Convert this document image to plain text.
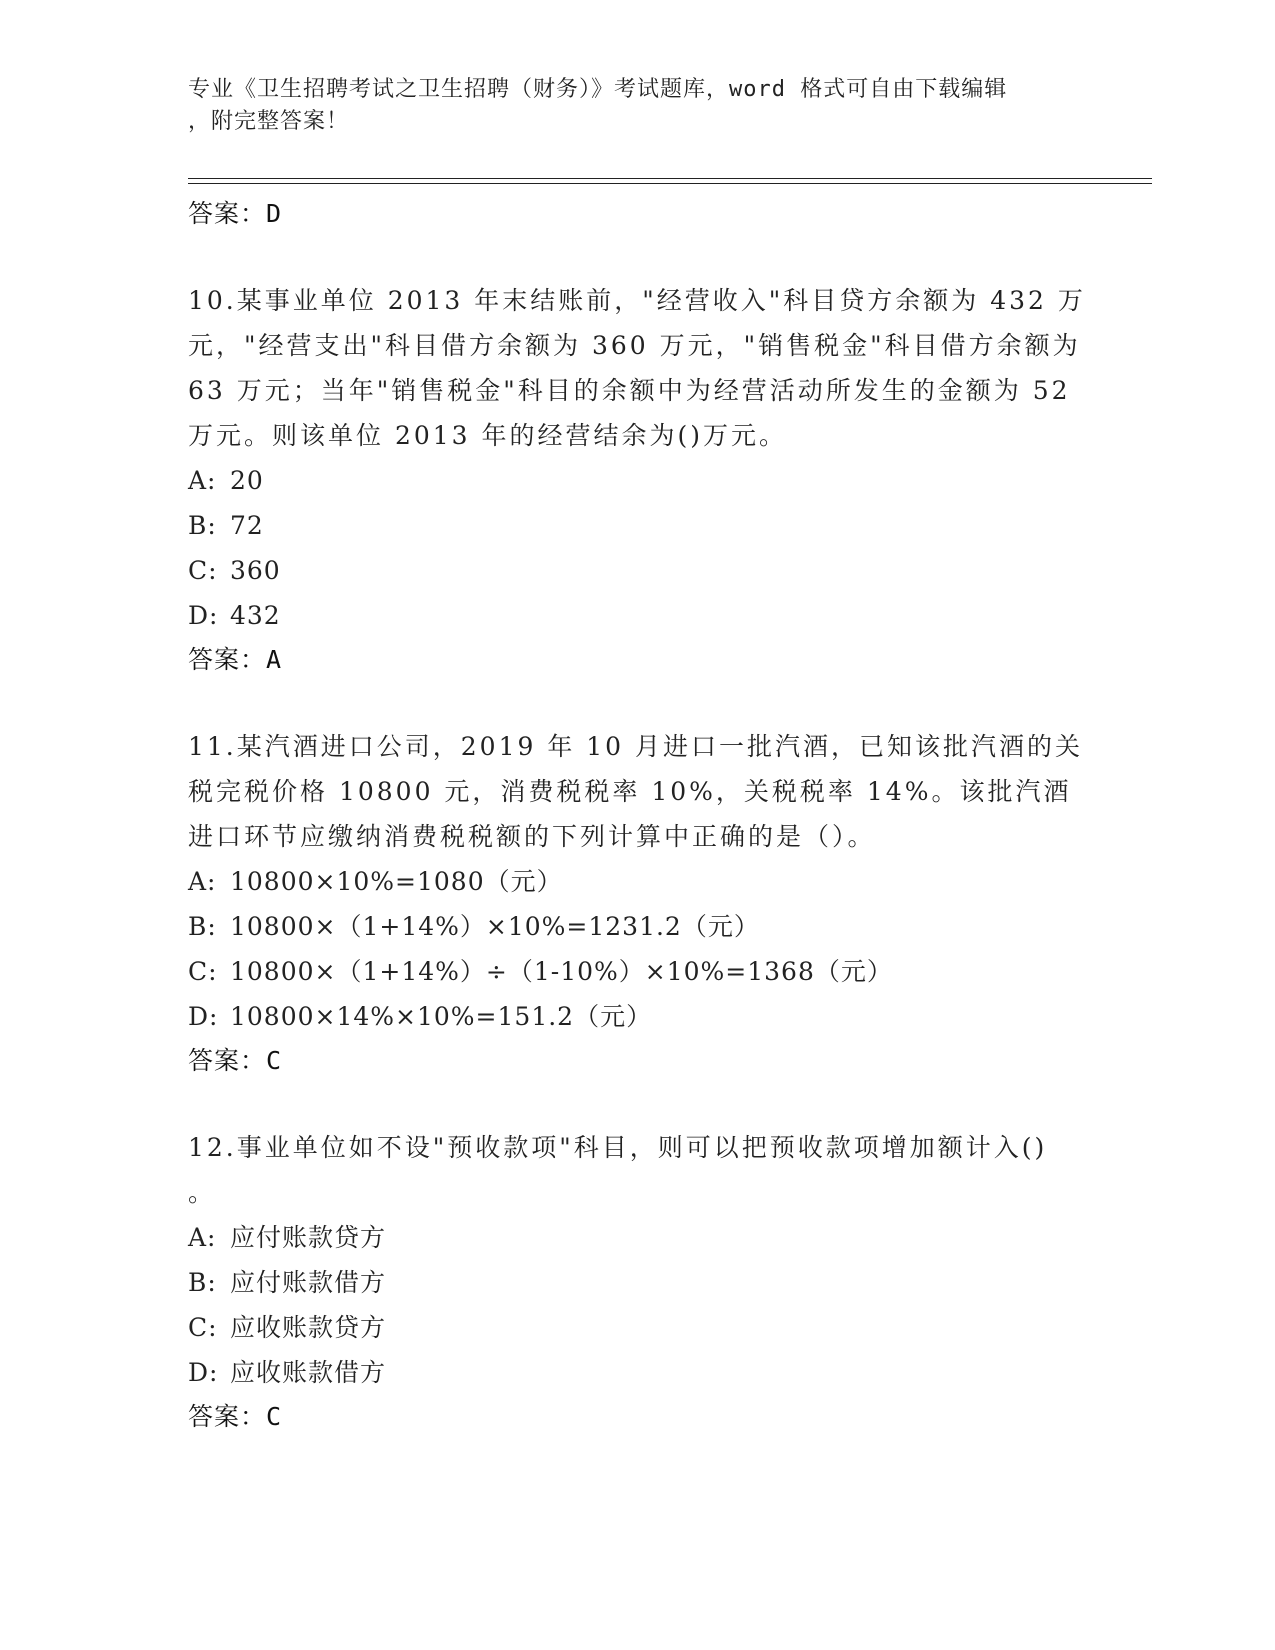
专业《卫生招聘考试之卫生招聘（财务）》考试题库，word 格式可自由下载编辑
，附完整答案！
答案：D
10.某事业单位 2013 年末结账前，"经营收入"科目贷方余额为 432 万元，"经营支出"科目借方余额为 360 万元，"销售税金"科目借方余额为 63 万元；当年"销售税金"科目的余额中为经营活动所发生的金额为 52 万元。则该单位 2013 年的经营结余为()万元。
A: 20
B: 72
C: 360
D: 432
答案：A
11.某汽酒进口公司，2019 年 10 月进口一批汽酒，已知该批汽酒的关税完税价格 10800 元，消费税税率 10%，关税税率 14%。该批汽酒进口环节应缴纳消费税税额的下列计算中正确的是（）。
A: 10800×10%=1080（元）
B: 10800×（1+14%）×10%=1231.2（元）
C: 10800×（1+14%）÷（1-10%）×10%=1368（元）
D: 10800×14%×10%=151.2（元）
答案：C
12.事业单位如不设"预收款项"科目，则可以把预收款项增加额计入()
。
A: 应付账款贷方
B: 应付账款借方
C: 应收账款贷方
D: 应收账款借方
答案：C
